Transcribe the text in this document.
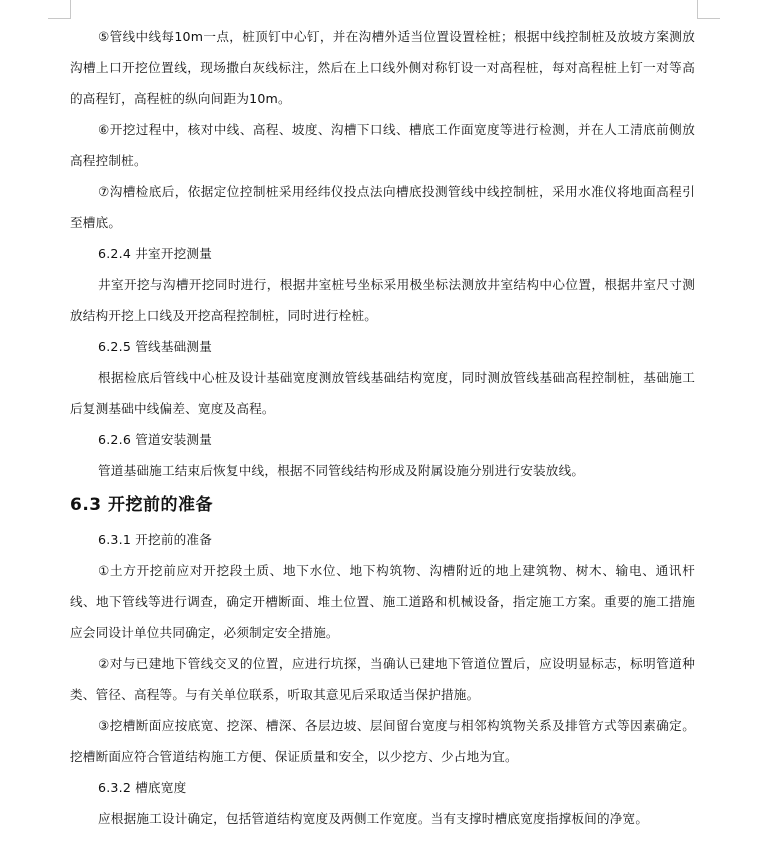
⑤管线中线每10m一点，桩顶钉中心钉，并在沟槽外适当位置设置栓桩；根据中线控制桩及放坡方案测放沟槽上口开挖位置线，现场撒白灰线标注，然后在上口线外侧对称钉设一对高程桩，每对高程桩上钉一对等高的高程钉，高程桩的纵向间距为10m。

⑥开挖过程中，核对中线、高程、坡度、沟槽下口线、槽底工作面宽度等进行检测，并在人工清底前侧放高程控制桩。

⑦沟槽检底后，依据定位控制桩采用经纬仪投点法向槽底投测管线中线控制桩，采用水准仪将地面高程引至槽底。

6.2.4 井室开挖测量

井室开挖与沟槽开挖同时进行，根据井室桩号坐标采用极坐标法测放井室结构中心位置，根据井室尺寸测放结构开挖上口线及开挖高程控制桩，同时进行栓桩。

6.2.5 管线基础测量

根据检底后管线中心桩及设计基础宽度测放管线基础结构宽度，同时测放管线基础高程控制桩，基础施工后复测基础中线偏差、宽度及高程。

6.2.6 管道安装测量

管道基础施工结束后恢复中线，根据不同管线结构形成及附属设施分别进行安装放线。

6.3 开挖前的准备

6.3.1 开挖前的准备

①土方开挖前应对开挖段土质、地下水位、地下构筑物、沟槽附近的地上建筑物、树木、输电、通讯杆线、地下管线等进行调查，确定开槽断面、堆土位置、施工道路和机械设备，指定施工方案。重要的施工措施应会同设计单位共同确定，必须制定安全措施。

②对与已建地下管线交叉的位置，应进行坑探，当确认已建地下管道位置后，应设明显标志，标明管道种类、管径、高程等。与有关单位联系，听取其意见后采取适当保护措施。

③挖槽断面应按底宽、挖深、槽深、各层边坡、层间留台宽度与相邻构筑物关系及排管方式等因素确定。挖槽断面应符合管道结构施工方便、保证质量和安全，以少挖方、少占地为宜。

6.3.2 槽底宽度

应根据施工设计确定，包括管道结构宽度及两侧工作宽度。当有支撑时槽底宽度指撑板间的净宽。
